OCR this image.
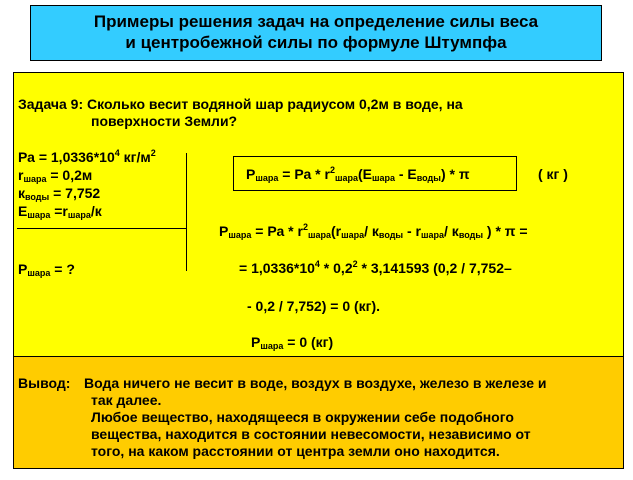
Примеры решения задач на определение силы веса
и центробежной силы по формуле Штумпфа
Задача 9: Сколько весит водяной шар радиусом 0,2м в воде, на
поверхности Земли?
Ра = $1,0336*10^4$ $кг/м^2$
$r_{шара} = 0,2м$
$к_{воды} = 7,752$
$Е_{шара} =r_{шара}/к$
$Р_{шара}$ = ?
$Р_{шара}$ = Ра * $r^2_{шара}(Е_{шара} - Е_{воды})$ * π	( кг )
$Р_{шара}$ = Ра * $r^2_{шара}(r_{шара}/$ $к_{воды} - r_{шара}/$ $к_{воды}$ ) * π =
= $1,0336*10^4 * 0,2^2 * 3,141593$ (0,2 / 7,752–
- 0,2 / 7,752) = 0 (кг).
$Р_{шара} = 0$ (кг)
Вывод: Вода ничего не весит в воде, воздух в воздухе, железо в железе и
так далее.
Любое вещество, находящееся в окружении себе подобного
вещества, находится в состоянии невесомости, независимо от
того, на каком расстоянии от центра земли оно находится.
